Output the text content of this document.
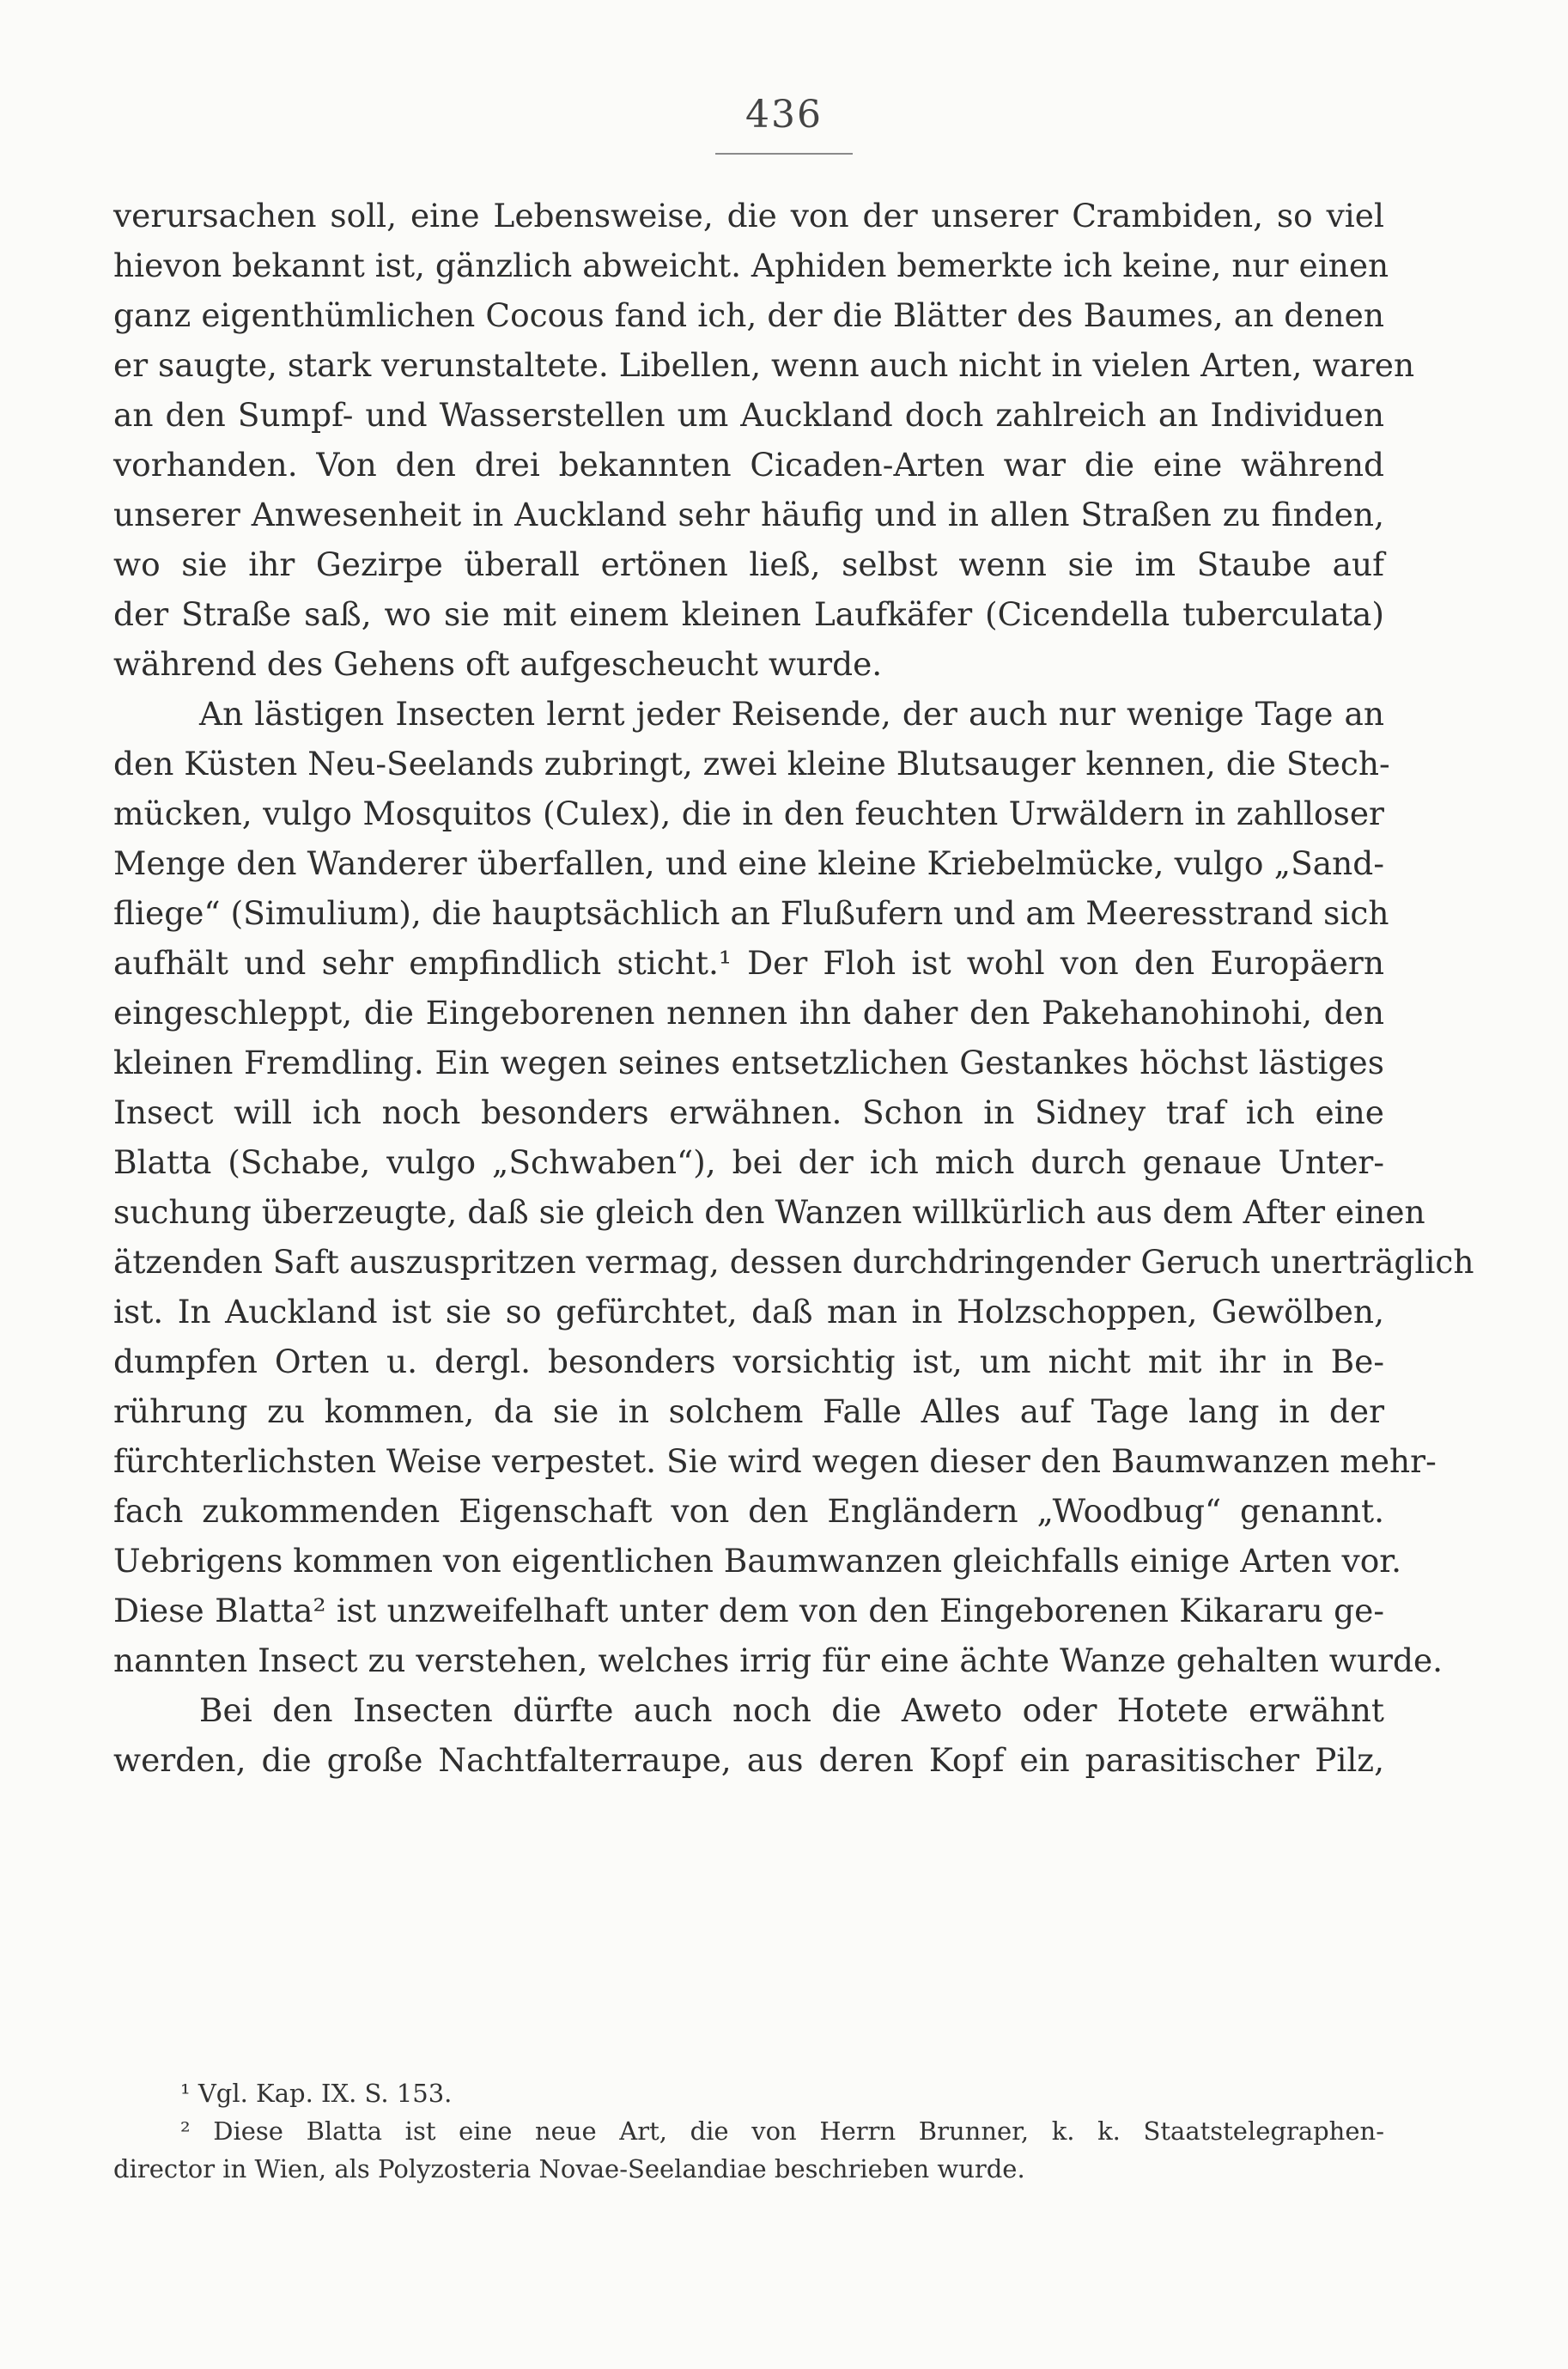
436
verursachen soll, eine Lebensweise, die von der unserer Crambiden, so viel
hievon bekannt ist, gänzlich abweicht. Aphiden bemerkte ich keine, nur einen
ganz eigenthümlichen Cocous fand ich, der die Blätter des Baumes, an denen
er saugte, stark verunstaltete. Libellen, wenn auch nicht in vielen Arten, waren
an den Sumpf- und Wasserstellen um Auckland doch zahlreich an Individuen
vorhanden. Von den drei bekannten Cicaden-Arten war die eine während
unserer Anwesenheit in Auckland sehr häufig und in allen Straßen zu finden,
wo sie ihr Gezirpe überall ertönen ließ, selbst wenn sie im Staube auf
der Straße saß, wo sie mit einem kleinen Laufkäfer (Cicendella tuberculata)
während des Gehens oft aufgescheucht wurde.
An lästigen Insecten lernt jeder Reisende, der auch nur wenige Tage an
den Küsten Neu-Seelands zubringt, zwei kleine Blutsauger kennen, die Stech-
mücken, vulgo Mosquitos (Culex), die in den feuchten Urwäldern in zahlloser
Menge den Wanderer überfallen, und eine kleine Kriebelmücke, vulgo „Sand-
fliege“ (Simulium), die hauptsächlich an Flußufern und am Meeresstrand sich
aufhält und sehr empfindlich sticht.¹ Der Floh ist wohl von den Europäern
eingeschleppt, die Eingeborenen nennen ihn daher den Pakehanohinohi, den
kleinen Fremdling. Ein wegen seines entsetzlichen Gestankes höchst lästiges
Insect will ich noch besonders erwähnen. Schon in Sidney traf ich eine
Blatta (Schabe, vulgo „Schwaben“), bei der ich mich durch genaue Unter-
suchung überzeugte, daß sie gleich den Wanzen willkürlich aus dem After einen
ätzenden Saft auszuspritzen vermag, dessen durchdringender Geruch unerträglich
ist. In Auckland ist sie so gefürchtet, daß man in Holzschoppen, Gewölben,
dumpfen Orten u. dergl. besonders vorsichtig ist, um nicht mit ihr in Be-
rührung zu kommen, da sie in solchem Falle Alles auf Tage lang in der
fürchterlichsten Weise verpestet. Sie wird wegen dieser den Baumwanzen mehr-
fach zukommenden Eigenschaft von den Engländern „Woodbug“ genannt.
Uebrigens kommen von eigentlichen Baumwanzen gleichfalls einige Arten vor.
Diese Blatta² ist unzweifelhaft unter dem von den Eingeborenen Kikararu ge-
nannten Insect zu verstehen, welches irrig für eine ächte Wanze gehalten wurde.
Bei den Insecten dürfte auch noch die Aweto oder Hotete erwähnt
werden, die große Nachtfalterraupe, aus deren Kopf ein parasitischer Pilz,
¹ Vgl. Kap. IX. S. 153.
² Diese Blatta ist eine neue Art, die von Herrn Brunner, k. k. Staatstelegraphen-
director in Wien, als Polyzosteria Novae-Seelandiae beschrieben wurde.
